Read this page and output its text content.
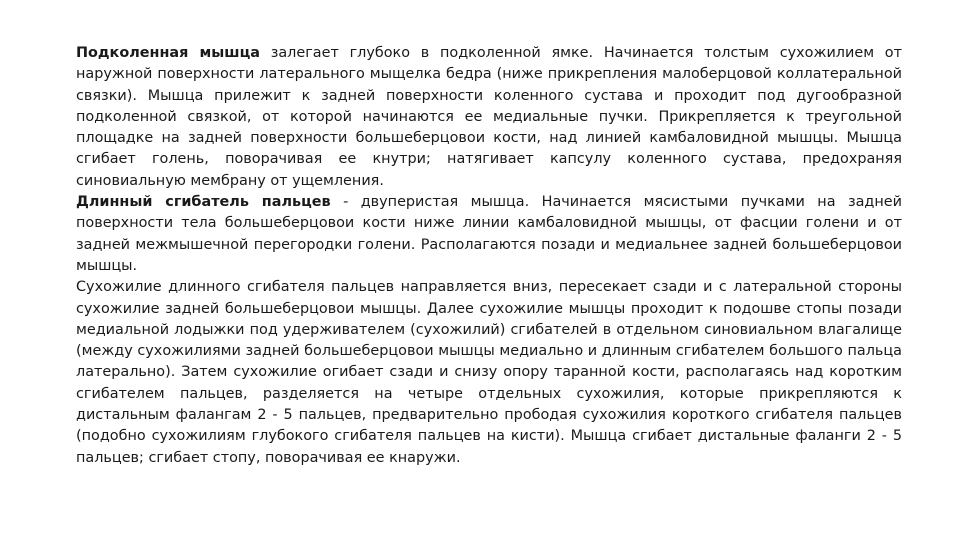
Подколенная мышца залегает глубоко в подколенной ямке. Начинается толстым сухожилием от наружной поверхности латерального мыщелка бедра (ниже прикрепления малоберцовой коллатеральной связки). Мышца прилежит к задней поверхности коленного сустава и проходит под дугообразной подколенной связкой, от которой начинаются ее медиальные пучки. Прикрепляется к треугольной площадке на задней поверхности большеберцовои кости, над линией камбаловидной мышцы. Мышца сгибает голень, поворачивая ее кнутри; натягивает капсулу коленного сустава, предохраняя синовиальную мембрану от ущемления.

Длинный сгибатель пальцев - двуперистая мышца. Начинается мясистыми пучками на задней поверхности тела большеберцовои кости ниже линии камбаловидной мышцы, от фасции голени и от задней межмышечной перегородки голени. Располагаются позади и медиальнее задней большеберцовои мышцы.

Сухожилие длинного сгибателя пальцев направляется вниз, пересекает сзади и с латеральной стороны сухожилие задней большеберцовои мышцы. Далее сухожилие мышцы проходит к подошве стопы позади медиальной лодыжки под удерживателем (сухожилий) сгибателей в отдельном синовиальном влагалище (между сухожилиями задней большеберцовои мышцы медиально и длинным сгибателем большого пальца латерально). Затем сухожилие огибает сзади и снизу опору таранной кости, располагаясь над коротким сгибателем пальцев, разделяется на четыре отдельных сухожилия, которые прикрепляются к дистальным фалангам 2 - 5 пальцев, предварительно прободая сухожилия короткого сгибателя пальцев (подобно сухожилиям глубокого сгибателя пальцев на кисти). Мышца сгибает дистальные фаланги 2 - 5 пальцев; сгибает стопу, поворачивая ее кнаружи.
